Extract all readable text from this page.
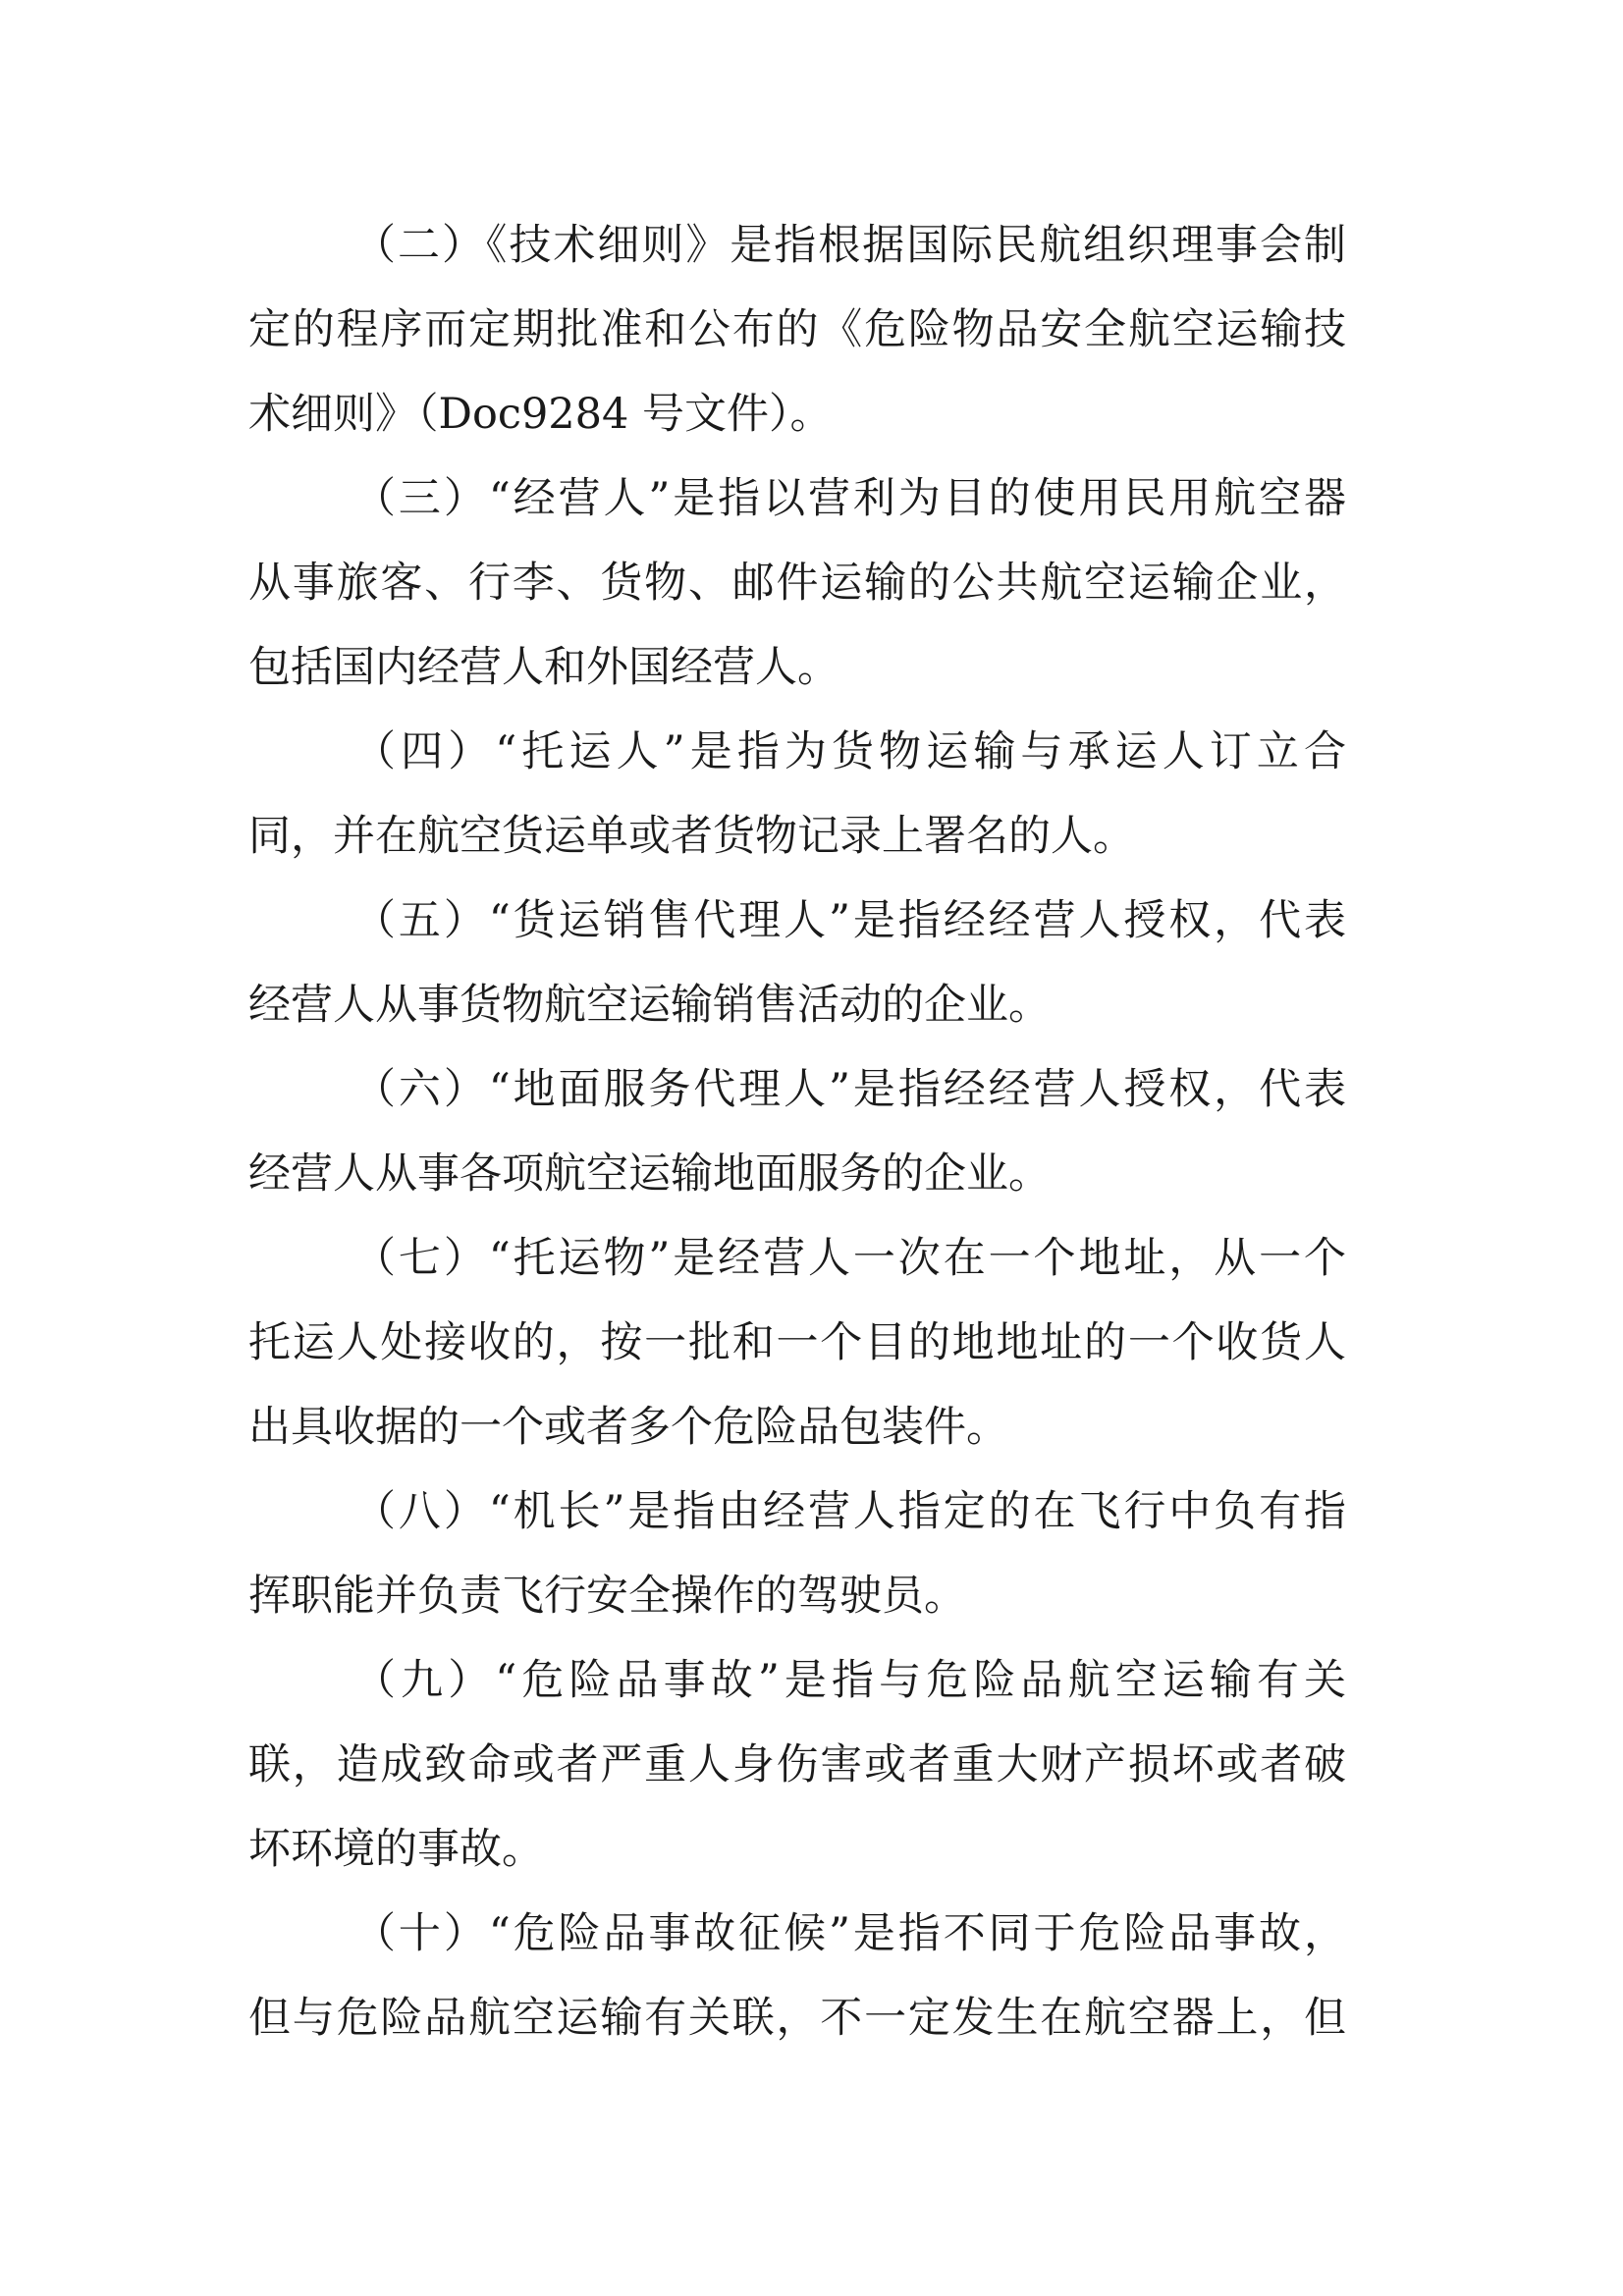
（二）《技术细则》是指根据国际民航组织理事会制
定的程序而定期批准和公布的《危险物品安全航空运输技
术细则》（Doc9284 号文件）。
（三）“经营人”是指以营利为目的使用民用航空器
从事旅客、行李、货物、邮件运输的公共航空运输企业，
包括国内经营人和外国经营人。
（四）“托运人”是指为货物运输与承运人订立合
同，并在航空货运单或者货物记录上署名的人。
（五）“货运销售代理人”是指经经营人授权，代表
经营人从事货物航空运输销售活动的企业。
（六）“地面服务代理人”是指经经营人授权，代表
经营人从事各项航空运输地面服务的企业。
（七）“托运物”是经营人一次在一个地址，从一个
托运人处接收的，按一批和一个目的地地址的一个收货人
出具收据的一个或者多个危险品包装件。
（八）“机长”是指由经营人指定的在飞行中负有指
挥职能并负责飞行安全操作的驾驶员。
（九）“危险品事故”是指与危险品航空运输有关
联，造成致命或者严重人身伤害或者重大财产损坏或者破
坏环境的事故。
（十）“危险品事故征候”是指不同于危险品事故，
但与危险品航空运输有关联，不一定发生在航空器上，但
